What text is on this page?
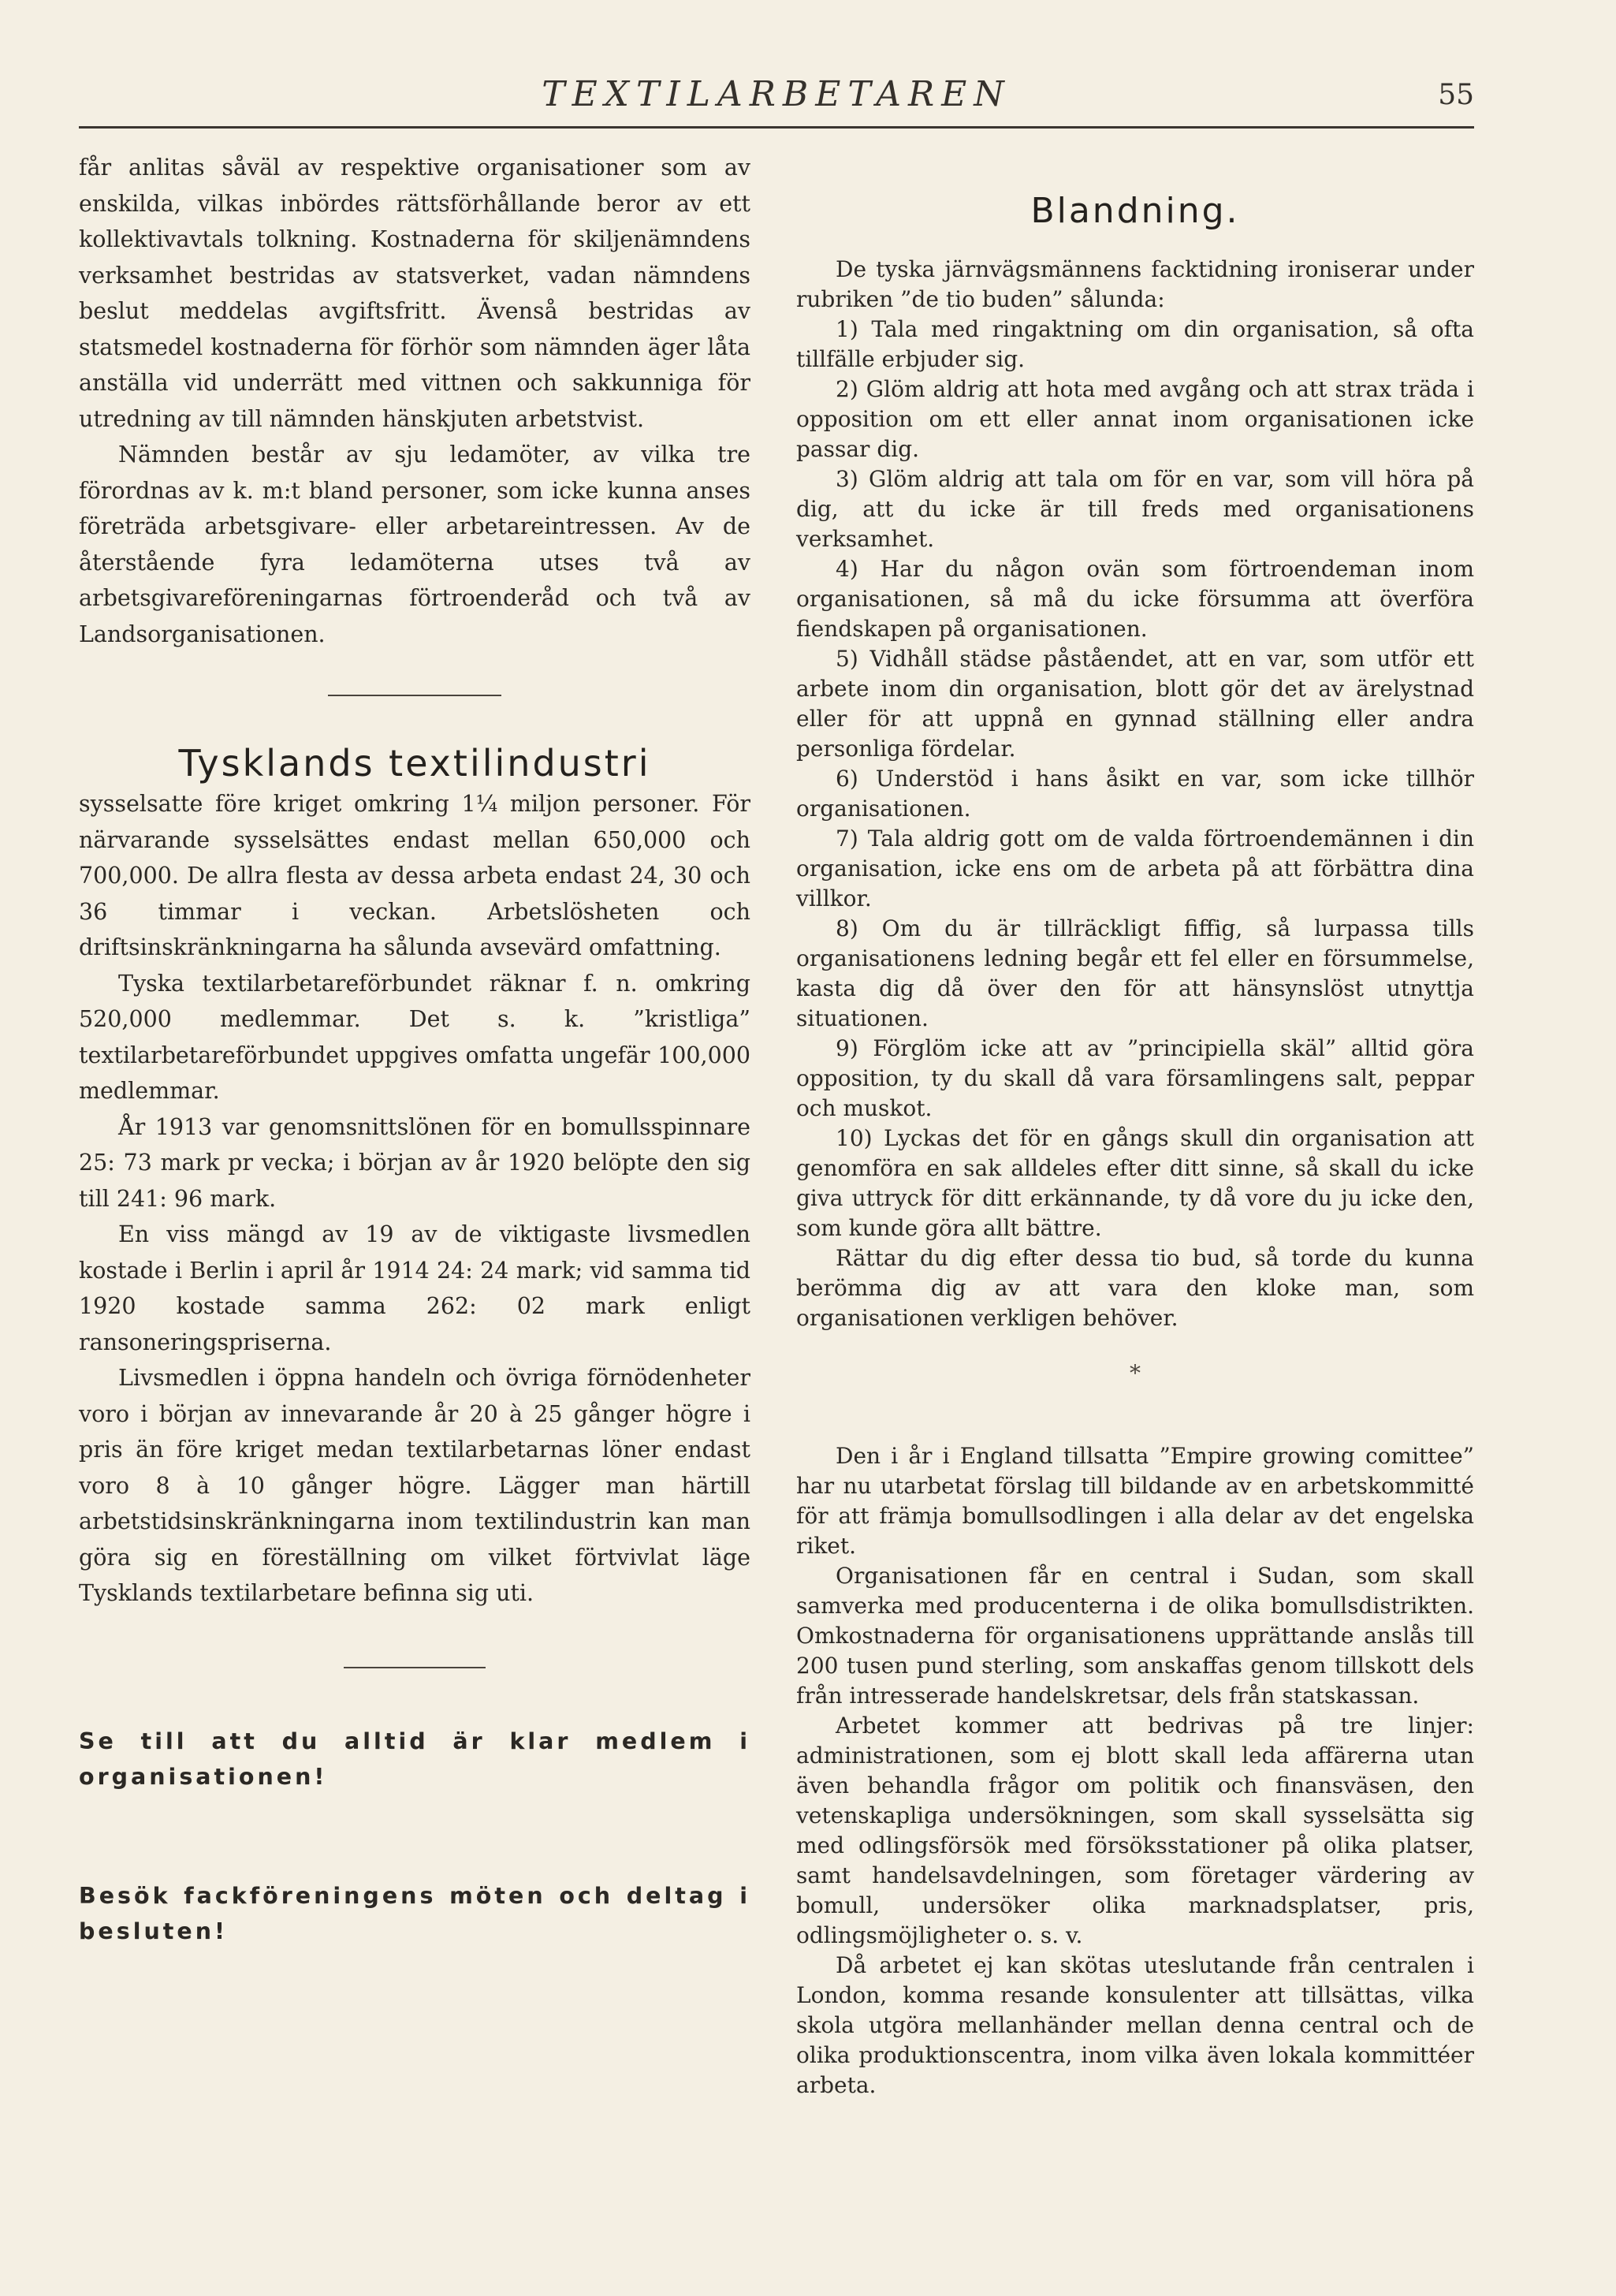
TEXTILARBETAREN	55

får anlitas såväl av respektive organisationer som av enskilda, vilkas inbördes rättsförhållande beror av ett kollektivavtals tolkning. Kostnaderna för skiljenämndens verksamhet bestridas av statsverket, vadan nämndens beslut meddelas avgiftsfritt. Ävenså bestridas av statsmedel kostnaderna för förhör som nämnden äger låta anställa vid underrätt med vittnen och sakkunniga för utredning av till nämnden hänskjuten arbetstvist.

Nämnden består av sju ledamöter, av vilka tre förordnas av k. m:t bland personer, som icke kunna anses företräda arbetsgivare- eller arbetareintressen. Av de återstående fyra ledamöterna utses två av arbetsgivareföreningarnas förtroenderåd och två av Landsorganisationen.

Tysklands textilindustri

sysselsatte före kriget omkring 1¼ miljon personer. För närvarande sysselsättes endast mellan 650,000 och 700,000. De allra flesta av dessa arbeta endast 24, 30 och 36 timmar i veckan. Arbetslösheten och driftsinskränkningarna ha sålunda avsevärd omfattning.

Tyska textilarbetareförbundet räknar f. n. omkring 520,000 medlemmar. Det s. k. ”kristliga” textilarbetareförbundet uppgives omfatta ungefär 100,000 medlemmar.

År 1913 var genomsnittslönen för en bomullsspinnare 25: 73 mark pr vecka; i början av år 1920 belöpte den sig till 241: 96 mark.

En viss mängd av 19 av de viktigaste livsmedlen kostade i Berlin i april år 1914 24: 24 mark; vid samma tid 1920 kostade samma 262: 02 mark enligt ransoneringspriserna.

Livsmedlen i öppna handeln och övriga förnödenheter voro i början av innevarande år 20 à 25 gånger högre i pris än före kriget medan textilarbetarnas löner endast voro 8 à 10 gånger högre. Lägger man härtill arbetstidsinskränkningarna inom textilindustrin kan man göra sig en föreställning om vilket förtvivlat läge Tysklands textilarbetare befinna sig uti.

Se till att du alltid är klar medlem i organisationen!

Besök fackföreningens möten och deltag i besluten!

Blandning.

De tyska järnvägsmännens facktidning ironiserar under rubriken ”de tio buden” sålunda:

1) Tala med ringaktning om din organisation, så ofta tillfälle erbjuder sig.

2) Glöm aldrig att hota med avgång och att strax träda i opposition om ett eller annat inom organisationen icke passar dig.

3) Glöm aldrig att tala om för en var, som vill höra på dig, att du icke är till freds med organisationens verksamhet.

4) Har du någon ovän som förtroendeman inom organisationen, så må du icke försumma att överföra fiendskapen på organisationen.

5) Vidhåll städse påståendet, att en var, som utför ett arbete inom din organisation, blott gör det av ärelystnad eller för att uppnå en gynnad ställning eller andra personliga fördelar.

6) Understöd i hans åsikt en var, som icke tillhör organisationen.

7) Tala aldrig gott om de valda förtroendemännen i din organisation, icke ens om de arbeta på att förbättra dina villkor.

8) Om du är tillräckligt fiffig, så lurpassa tills organisationens ledning begår ett fel eller en försummelse, kasta dig då över den för att hänsynslöst utnyttja situationen.

9) Förglöm icke att av ”principiella skäl” alltid göra opposition, ty du skall då vara församlingens salt, peppar och muskot.

10) Lyckas det för en gångs skull din organisation att genomföra en sak alldeles efter ditt sinne, så skall du icke giva uttryck för ditt erkännande, ty då vore du ju icke den, som kunde göra allt bättre.

Rättar du dig efter dessa tio bud, så torde du kunna berömma dig av att vara den kloke man, som organisationen verkligen behöver.

*

Den i år i England tillsatta ”Empire growing comittee” har nu utarbetat förslag till bildande av en arbetskommitté för att främja bomullsodlingen i alla delar av det engelska riket.

Organisationen får en central i Sudan, som skall samverka med producenterna i de olika bomullsdistrikten. Omkostnaderna för organisationens upprättande anslås till 200 tusen pund sterling, som anskaffas genom tillskott dels från intresserade handelskretsar, dels från statskassan.

Arbetet kommer att bedrivas på tre linjer: administrationen, som ej blott skall leda affärerna utan även behandla frågor om politik och finansväsen, den vetenskapliga undersökningen, som skall sysselsätta sig med odlingsförsök med försöksstationer på olika platser, samt handelsavdelningen, som företager värdering av bomull, undersöker olika marknadsplatser, pris, odlingsmöjligheter o. s. v.

Då arbetet ej kan skötas uteslutande från centralen i London, komma resande konsulenter att tillsättas, vilka skola utgöra mellanhänder mellan denna central och de olika produktionscentra, inom vilka även lokala kommittéer arbeta.
